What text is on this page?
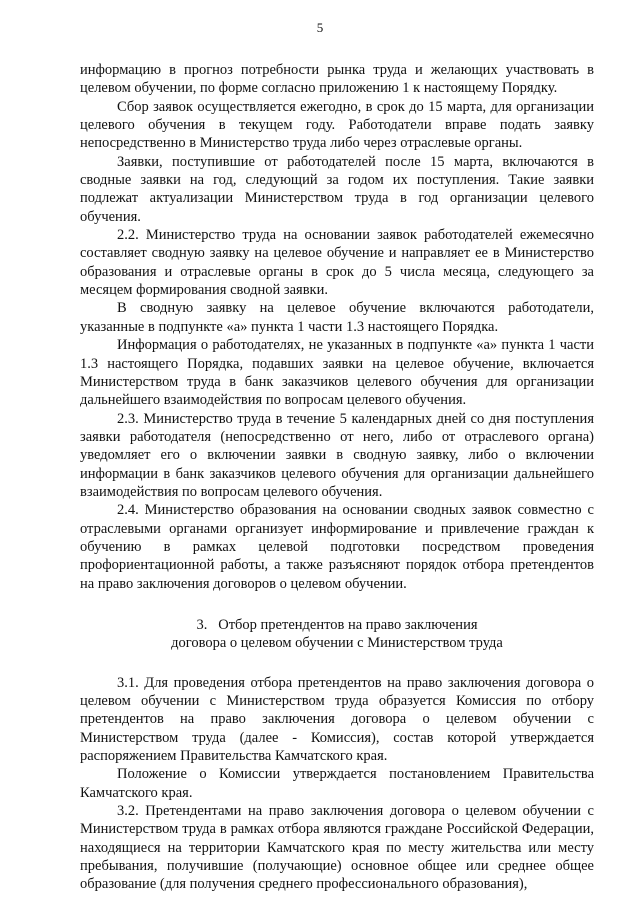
5

информацию в прогноз потребности рынка труда и желающих участвовать в целевом обучении, по форме согласно приложению 1 к настоящему Порядку.

Сбор заявок осуществляется ежегодно, в срок до 15 марта, для организации целевого обучения в текущем году. Работодатели вправе подать заявку непосредственно в Министерство труда либо через отраслевые органы.

Заявки, поступившие от работодателей после 15 марта, включаются в сводные заявки на год, следующий за годом их поступления. Такие заявки подлежат актуализации Министерством труда в год организации целевого обучения.

2.2. Министерство труда на основании заявок работодателей ежемесячно составляет сводную заявку на целевое обучение и направляет ее в Министерство образования и отраслевые органы в срок до 5 числа месяца, следующего за месяцем формирования сводной заявки.

В сводную заявку на целевое обучение включаются работодатели, указанные в подпункте «а» пункта 1 части 1.3 настоящего Порядка.

Информация о работодателях, не указанных в подпункте «а» пункта 1 части 1.3 настоящего Порядка, подавших заявки на целевое обучение, включается Министерством труда в банк заказчиков целевого обучения для организации дальнейшего взаимодействия по вопросам целевого обучения.

2.3. Министерство труда в течение 5 календарных дней со дня поступления заявки работодателя (непосредственно от него, либо от отраслевого органа) уведомляет его о включении заявки в сводную заявку, либо о включении информации в банк заказчиков целевого обучения для организации дальнейшего взаимодействия по вопросам целевого обучения.

2.4. Министерство образования на основании сводных заявок совместно с отраслевыми органами организует информирование и привлечение граждан к обучению в рамках целевой подготовки посредством проведения профориентационной работы, а также разъясняют порядок отбора претендентов на право заключения договоров о целевом обучении.

3.   Отбор претендентов на право заключения
договора о целевом обучении с Министерством труда

3.1. Для проведения отбора претендентов на право заключения договора о целевом обучении с Министерством труда образуется Комиссия по отбору претендентов на право заключения договора о целевом обучении с Министерством труда (далее - Комиссия), состав которой утверждается распоряжением Правительства Камчатского края.

Положение о Комиссии утверждается постановлением Правительства Камчатского края.

3.2. Претендентами на право заключения договора о целевом обучении с Министерством труда в рамках отбора являются граждане Российской Федерации, находящиеся на территории Камчатского края по месту жительства или месту пребывания, получившие (получающие) основное общее или среднее общее образование (для получения среднего профессионального образования),
